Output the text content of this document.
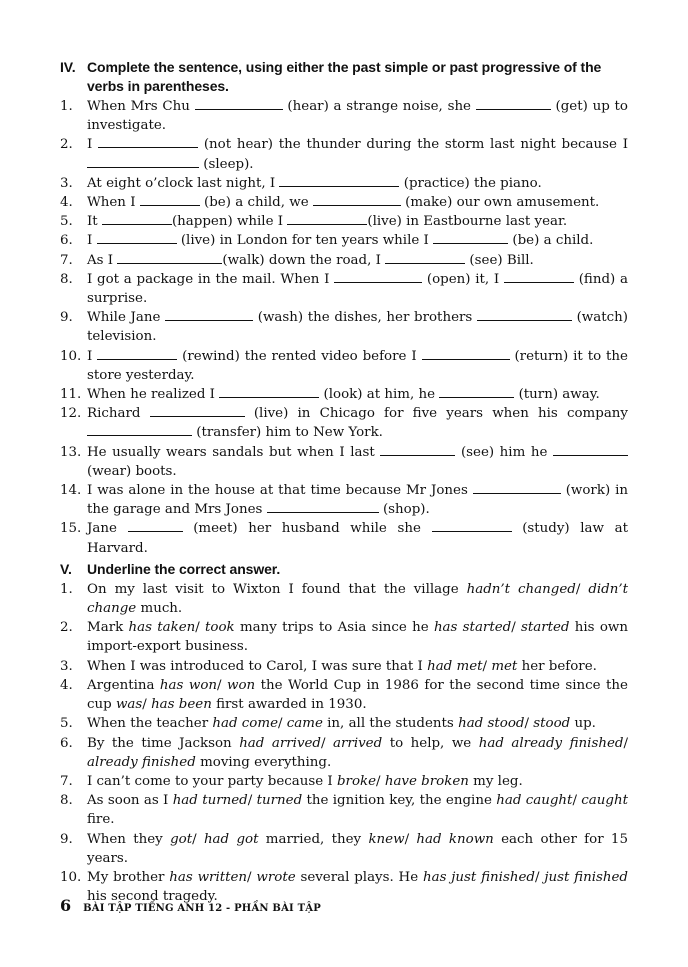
IV. Complete the sentence, using either the past simple or past progressive of the verbs in parentheses.
1.	When Mrs Chu	(hear) a strange noise, she	(get) up to investigate.
2.	I	(not hear) the thunder during the storm last night because I  (sleep).
3.	At eight o’clock last night, I	(practice) the piano.
4.	When I	(be) a child, we	(make) our own amusement.
5.	It	(happen) while I	(live) in Eastbourne last year.
6.	I	(live) in London for ten years while I	(be) a child.
7.	As I	(walk) down the road, I	(see) Bill.
8.	I got a package in the mail. When I	(open) it, I	(find) a surprise.
9.	While Jane	(wash) the dishes, her brothers	(watch) television.
10. I	(rewind) the rented video before I	(return) it to the store yesterday.
11. When he realized I	(look) at him, he	(turn) away.
12. Richard	(live) in Chicago for five years when his company  (transfer) him to New York.
13. He usually wears sandals but when I last	(see) him he  (wear) boots.
14. I was alone in the house at that time because Mr Jones	(work) in the garage and Mrs Jones	(shop).
15. Jane	(meet) her husband while she	(study) law at Harvard.
V.	Underline the correct answer.
1.	On my last visit to Wixton I found that the village hadn’t changed/ didn’t change much.
2.	Mark has taken/ took many trips to Asia since he has started/ started his own import-export business.
3.	When I was introduced to Carol, I was sure that I had met/ met her before.
4.	Argentina has won/ won the World Cup in 1986 for the second time since the cup was/ has been first awarded in 1930.
5.	When the teacher had come/ came in, all the students had stood/ stood up.
6.	By the time Jackson had arrived/ arrived to help, we had already finished/ already finished moving everything.
7.	I can’t come to your party because I broke/ have broken my leg.
8.	As soon as I had turned/ turned the ignition key, the engine had caught/ caught fire.
9.	When they got/ had got married, they knew/ had known each other for 15 years.
10. My brother has written/ wrote several plays. He has just finished/ just finished his second tragedy.
6 BÀI TẬP TIẾNG ANH 12 - PHẦN BÀI TẬP
